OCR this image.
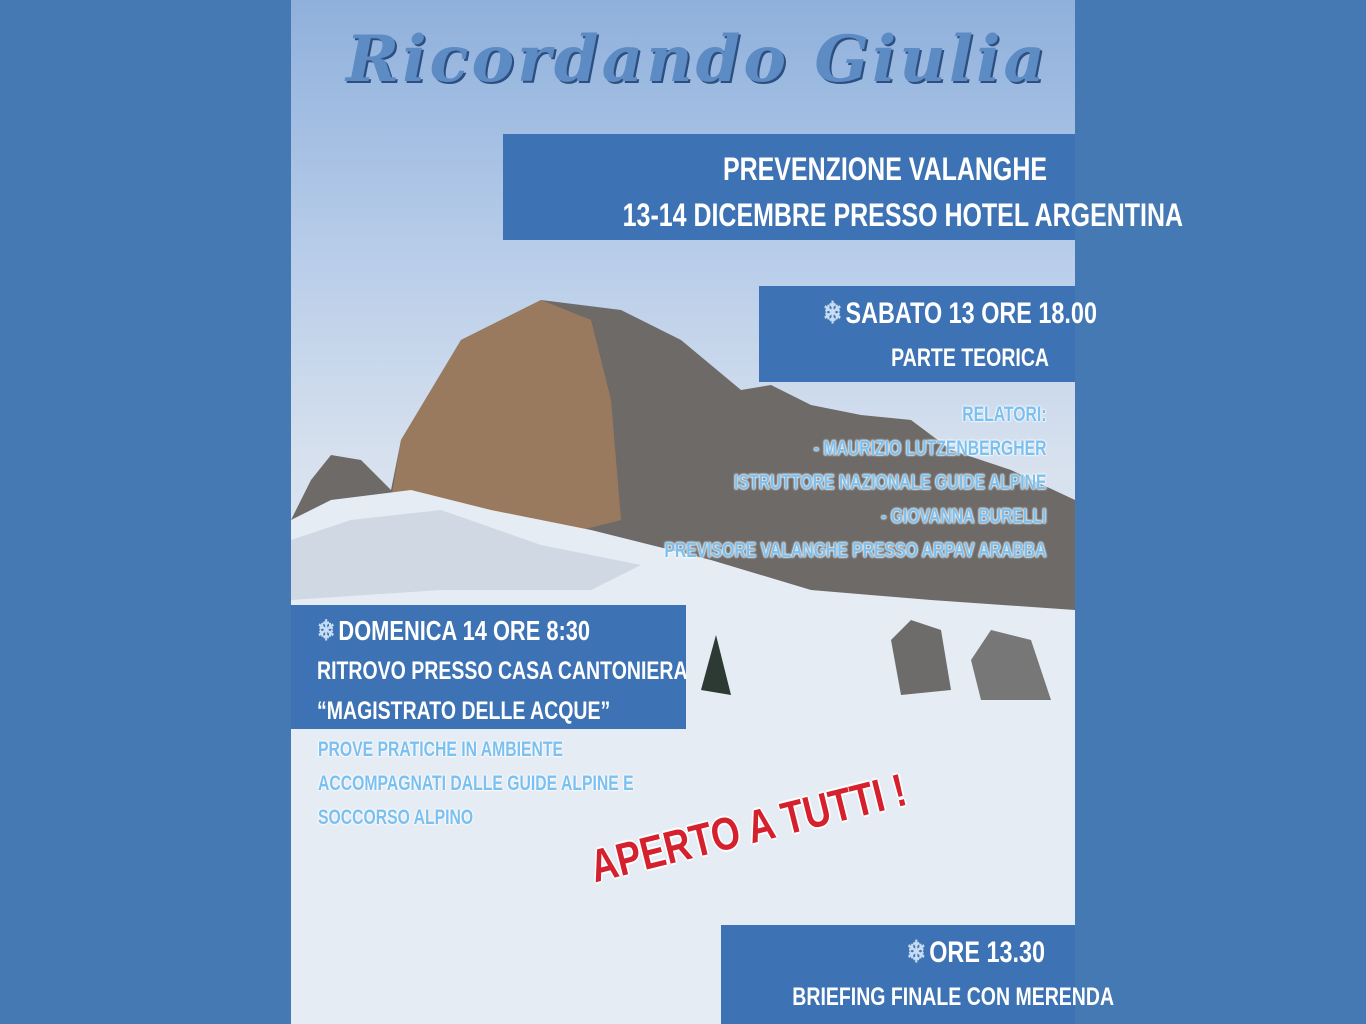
Ricordando Giulia
PREVENZIONE VALANGHE
13-14 DICEMBRE PRESSO HOTEL ARGENTINA
❄ SABATO 13 ORE 18.00
PARTE TEORICA
RELATORI:
- MAURIZIO LUTZENBERGHER
ISTRUTTORE NAZIONALE GUIDE ALPINE
- GIOVANNA BURELLI
PREVISORE VALANGHE PRESSO ARPAV ARABBA
❄ DOMENICA 14 ORE 8:30
RITROVO PRESSO CASA CANTONIERA
“MAGISTRATO DELLE ACQUE”
PROVE PRATICHE IN AMBIENTE
ACCOMPAGNATI DALLE GUIDE ALPINE E
SOCCORSO ALPINO	APERTO A TUTTI !
❄ ORE 13.30
BRIEFING FINALE CON MERENDA
